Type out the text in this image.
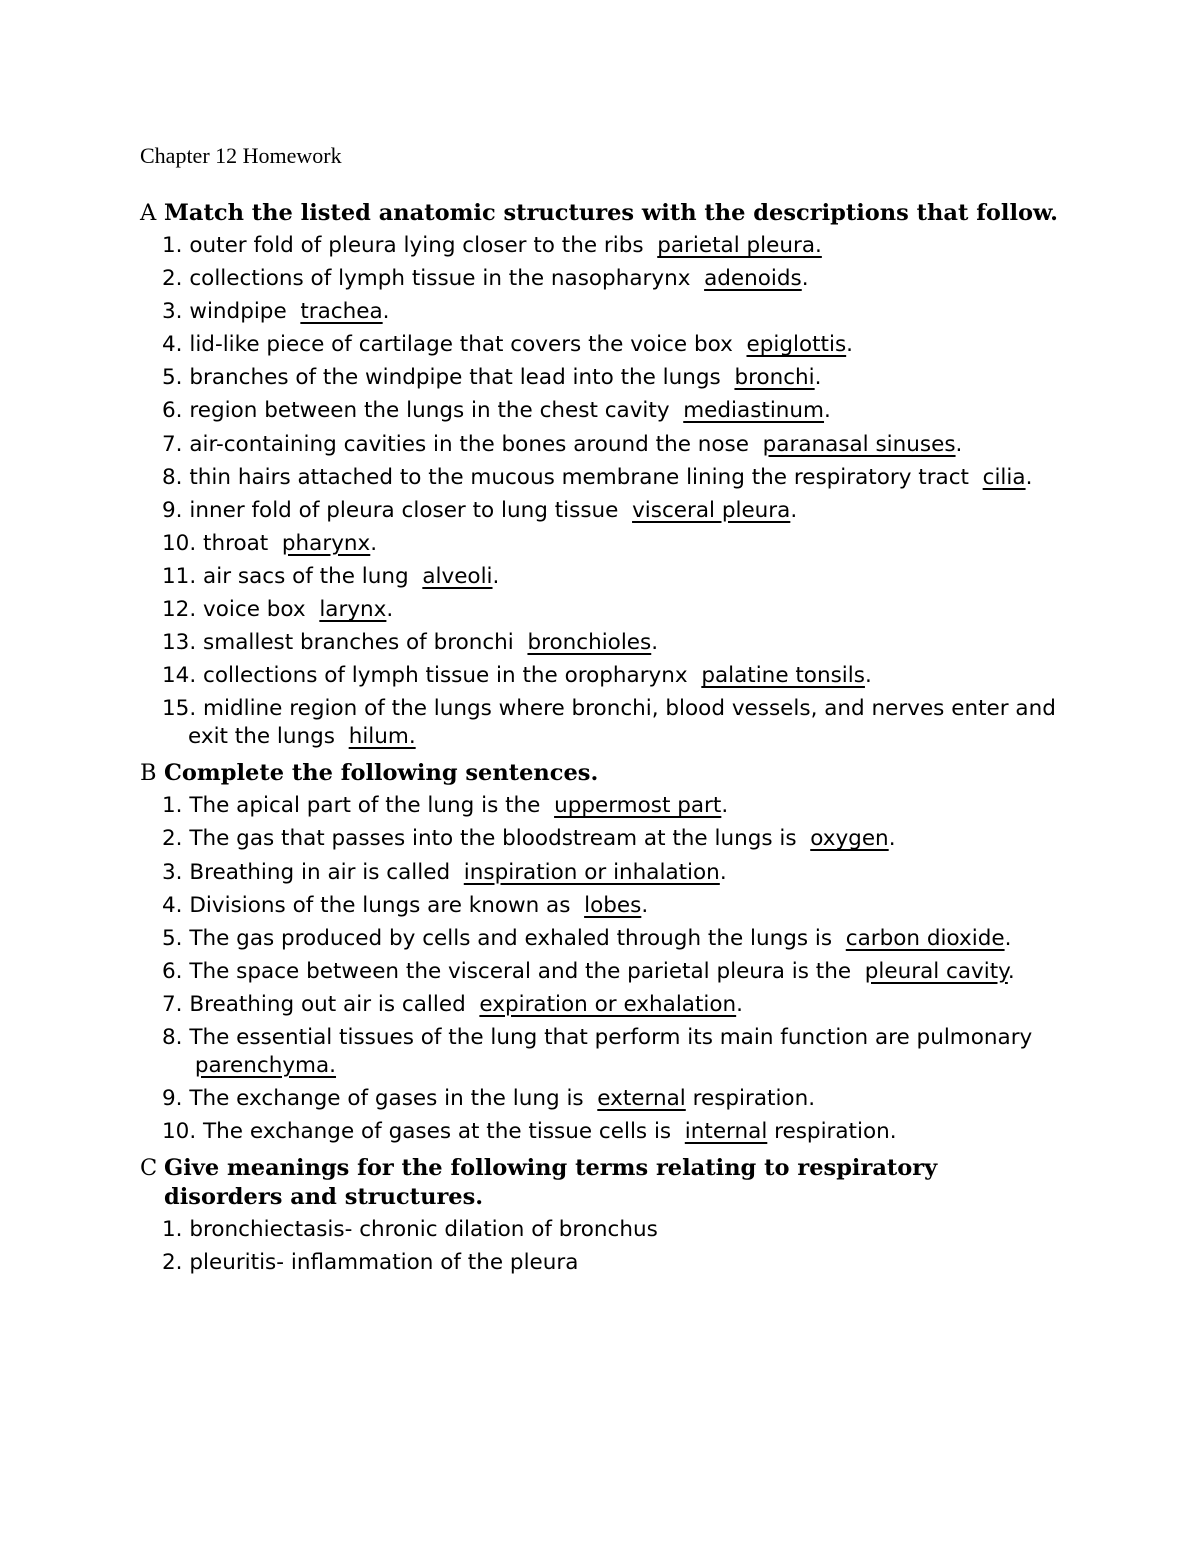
Chapter 12 Homework
A Match the listed anatomic structures with the descriptions that follow.
1. outer fold of pleura lying closer to the ribs parietal pleura.
2. collections of lymph tissue in the nasopharynx adenoids.
3. windpipe trachea.
4. lid-like piece of cartilage that covers the voice box epiglottis.
5. branches of the windpipe that lead into the lungs bronchi.
6. region between the lungs in the chest cavity mediastinum.
7. air-containing cavities in the bones around the nose paranasal sinuses.
8. thin hairs attached to the mucous membrane lining the respiratory tract cilia.
9. inner fold of pleura closer to lung tissue visceral pleura.
10. throat pharynx.
11. air sacs of the lung alveoli.
12. voice box larynx.
13. smallest branches of bronchi bronchioles.
14. collections of lymph tissue in the oropharynx palatine tonsils.
15. midline region of the lungs where bronchi, blood vessels, and nerves enter and exit the lungs hilum.
B Complete the following sentences.
1. The apical part of the lung is the uppermost part.
2. The gas that passes into the bloodstream at the lungs is oxygen.
3. Breathing in air is called inspiration or inhalation.
4. Divisions of the lungs are known as lobes.
5. The gas produced by cells and exhaled through the lungs is carbon dioxide.
6. The space between the visceral and the parietal pleura is the pleural cavity.
7. Breathing out air is called expiration or exhalation.
8. The essential tissues of the lung that perform its main function are pulmonary  parenchyma.
9. The exchange of gases in the lung is external respiration.
10. The exchange of gases at the tissue cells is internal respiration.
C Give meanings for the following terms relating to respiratory disorders and structures.
1. bronchiectasis- chronic dilation of bronchus
2. pleuritis- inflammation of the pleura
